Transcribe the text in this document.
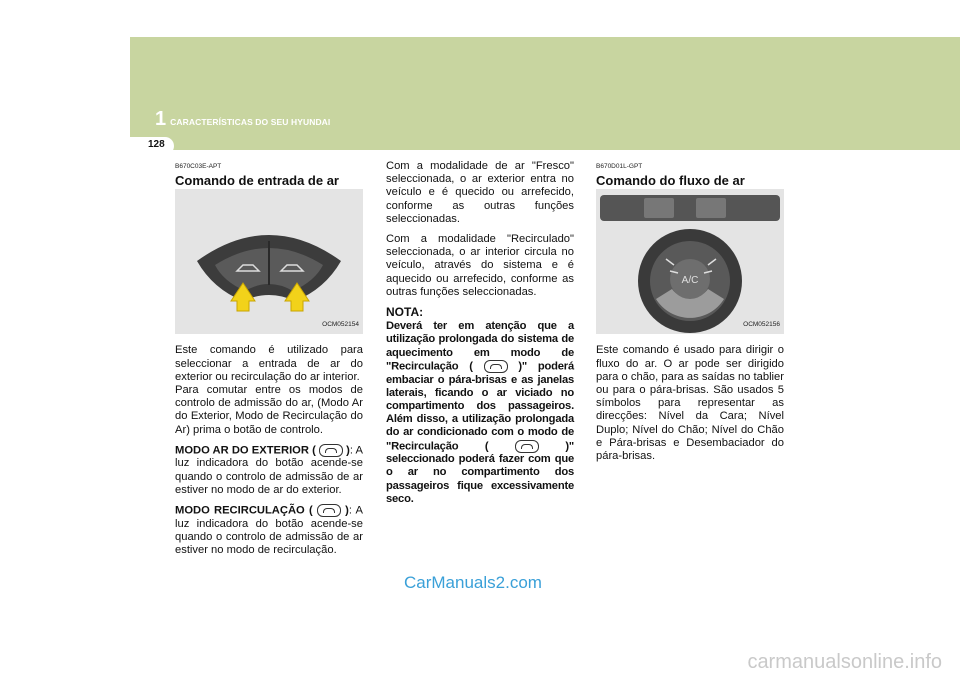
1 CARACTERÍSTICAS DO SEU HYUNDAI
128
B670C03E-APT
Comando de entrada de ar
OCM052154

Este comando é utilizado para seleccionar a entrada de ar do exterior ou recirculação do ar interior.

Para comutar entre os modos de controlo de admissão do ar, (Modo Ar do Exterior, Modo de Recirculação do Ar) prima o botão de controlo.

MODO AR DO EXTERIOR (	): A luz indicadora do botão acende-se quando o controlo de admissão de ar estiver no modo de ar do exterior.

MODO RECIRCULAÇÃO (	): A luz indicadora do botão acende-se quando o controlo de admissão de ar estiver no modo de recirculação.

Com a modalidade de ar "Fresco" seleccionada, o ar exterior entra no veículo e é quecido ou arrefecido, conforme as outras funções seleccionadas.

Com a modalidade "Recirculado" seleccionada, o ar interior circula no veículo, através do sistema e é aquecido ou arrefecido, conforme as outras funções seleccionadas.

NOTA:

Deverá ter em atenção que a utilização prolongada do sistema de aquecimento em modo de "Recirculação (	)" poderá embaciar o pára-brisas e as janelas laterais, ficando o ar viciado no compartimento dos passageiros. Além disso, a utilização prolongada do ar condicionado com o modo de "Recirculação (	)" seleccionado poderá fazer com que o ar no compartimento dos passageiros fique excessivamente seco.

B670D01L-GPT
Comando do fluxo de ar
A/C
OCM052156

Este comando é usado para dirigir o fluxo do ar. O ar pode ser dirigido para o chão, para as saídas no tablier ou para o pára-brisas. São usados 5 símbolos para representar as direcções: Nível da Cara; Nível Duplo; Nível do Chão; Nível do Chão e Pára-brisas e Desembaciador do pára-brisas.

CarManuals2.com
carmanualsonline.info
